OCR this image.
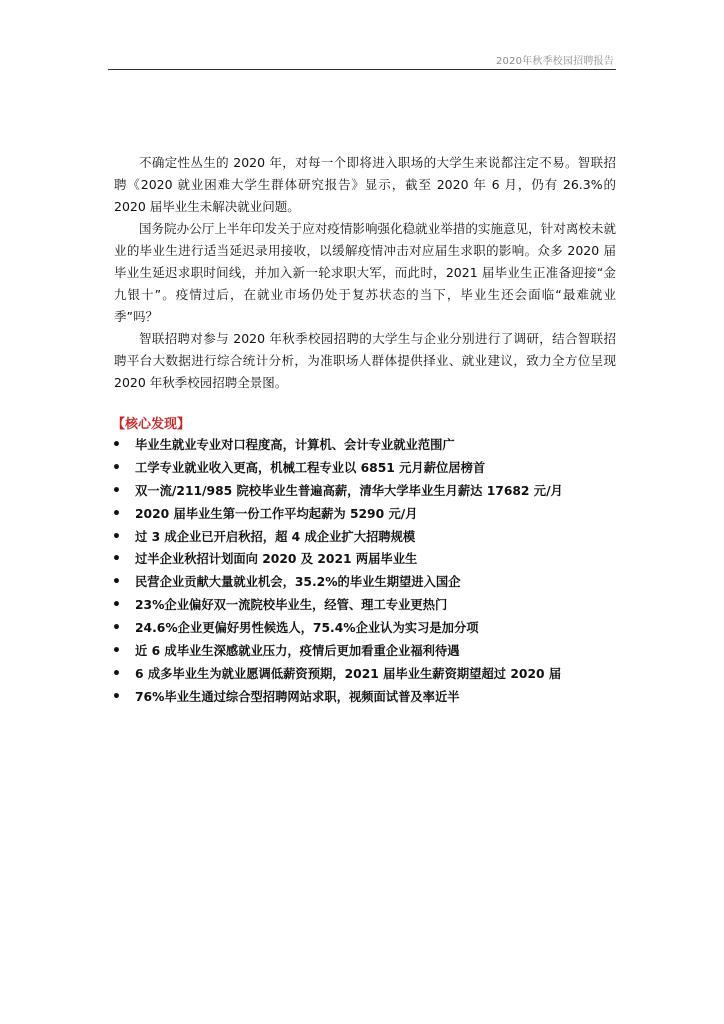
2020年秋季校园招聘报告

不确定性丛生的 2020 年，对每一个即将进入职场的大学生来说都注定不易。智联招聘《2020 就业困难大学生群体研究报告》显示，截至 2020 年 6 月，仍有 26.3%的 2020 届毕业生未解决就业问题。

国务院办公厅上半年印发关于应对疫情影响强化稳就业举措的实施意见，针对离校未就业的毕业生进行适当延迟录用接收，以缓解疫情冲击对应届生求职的影响。众多 2020 届毕业生延迟求职时间线，并加入新一轮求职大军，而此时，2021 届毕业生正准备迎接“金九银十”。疫情过后，在就业市场仍处于复苏状态的当下，毕业生还会面临“最难就业季”吗？

智联招聘对参与 2020 年秋季校园招聘的大学生与企业分别进行了调研，结合智联招聘平台大数据进行综合统计分析，为准职场人群体提供择业、就业建议，致力全方位呈现 2020 年秋季校园招聘全景图。

【核心发现】
• 毕业生就业专业对口程度高，计算机、会计专业就业范围广
• 工学专业就业收入更高，机械工程专业以 6851 元月薪位居榜首
• 双一流/211/985 院校毕业生普遍高薪，清华大学毕业生月薪达 17682 元/月
• 2020 届毕业生第一份工作平均起薪为 5290 元/月
• 过 3 成企业已开启秋招，超 4 成企业扩大招聘规模
• 过半企业秋招计划面向 2020 及 2021 两届毕业生
• 民营企业贡献大量就业机会，35.2%的毕业生期望进入国企
• 23%企业偏好双一流院校毕业生，经管、理工专业更热门
• 24.6%企业更偏好男性候选人，75.4%企业认为实习是加分项
• 近 6 成毕业生深感就业压力，疫情后更加看重企业福利待遇
• 6 成多毕业生为就业愿调低薪资预期，2021 届毕业生薪资期望超过 2020 届
• 76%毕业生通过综合型招聘网站求职，视频面试普及率近半
